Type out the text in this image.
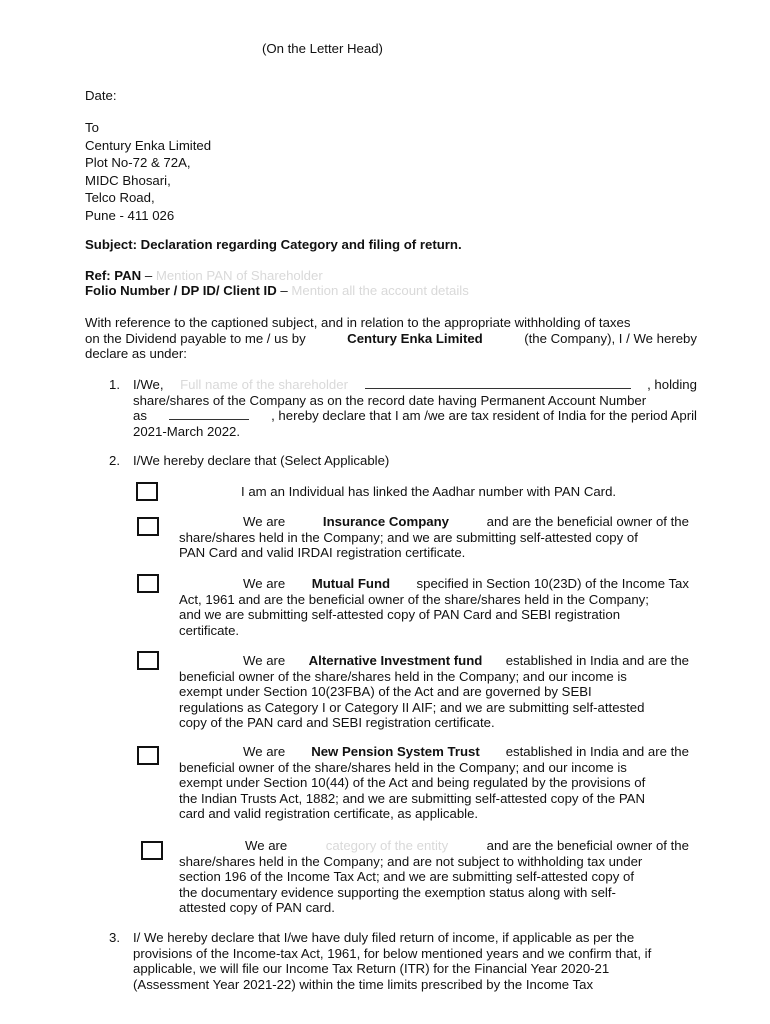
(On the Letter Head)
Date:
To
Century Enka Limited
Plot No-72 & 72A,
MIDC Bhosari,
Telco Road,
Pune - 411 026
Subject: Declaration regarding Category and filing of return.
Ref: PAN – Mention PAN of Shareholder
Folio Number / DP ID/ Client ID – Mention all the account details
With reference to the captioned subject, and in relation to the appropriate withholding of taxes
on the Dividend payable to me / us by	Century Enka Limited	(the Company), I / We hereby
declare as under:
1. I/We, Full name of the shareholder	, holding
share/shares of the Company as on the record date having Permanent Account Number
as	, hereby declare that I am /we are tax resident of India for the period April
2021-March 2022.
2. I/We hereby declare that (Select Applicable)
I am an Individual has linked the Aadhar number with PAN Card.
We are	Insurance Company	and are the beneficial owner of the
share/shares held in the Company; and we are submitting self-attested copy of
PAN Card and valid IRDAI registration certificate.
We are Mutual Fund specified in Section 10(23D) of the Income Tax
Act, 1961 and are the beneficial owner of the share/shares held in the Company;
and we are submitting self-attested copy of PAN Card and SEBI registration
certificate.
We are Alternative Investment fund established in India and are the
beneficial owner of the share/shares held in the Company; and our income is
exempt under Section 10(23FBA) of the Act and are governed by SEBI
regulations as Category I or Category II AIF; and we are submitting self-attested
copy of the PAN card and SEBI registration certificate.
We are New Pension System Trust established in India and are the
beneficial owner of the share/shares held in the Company; and our income is
exempt under Section 10(44) of the Act and being regulated by the provisions of
the Indian Trusts Act, 1882; and we are submitting self-attested copy of the PAN
card and valid registration certificate, as applicable.
We are	category of the entity	and are the beneficial owner of the
share/shares held in the Company; and are not subject to withholding tax under
section 196 of the Income Tax Act; and we are submitting self-attested copy of
the documentary evidence supporting the exemption status along with self-
attested copy of PAN card.
3. I/ We hereby declare that I/we have duly filed return of income, if applicable as per the
provisions of the Income-tax Act, 1961, for below mentioned years and we confirm that, if
applicable, we will file our Income Tax Return (ITR) for the Financial Year 2020-21
(Assessment Year 2021-22) within the time limits prescribed by the Income Tax
